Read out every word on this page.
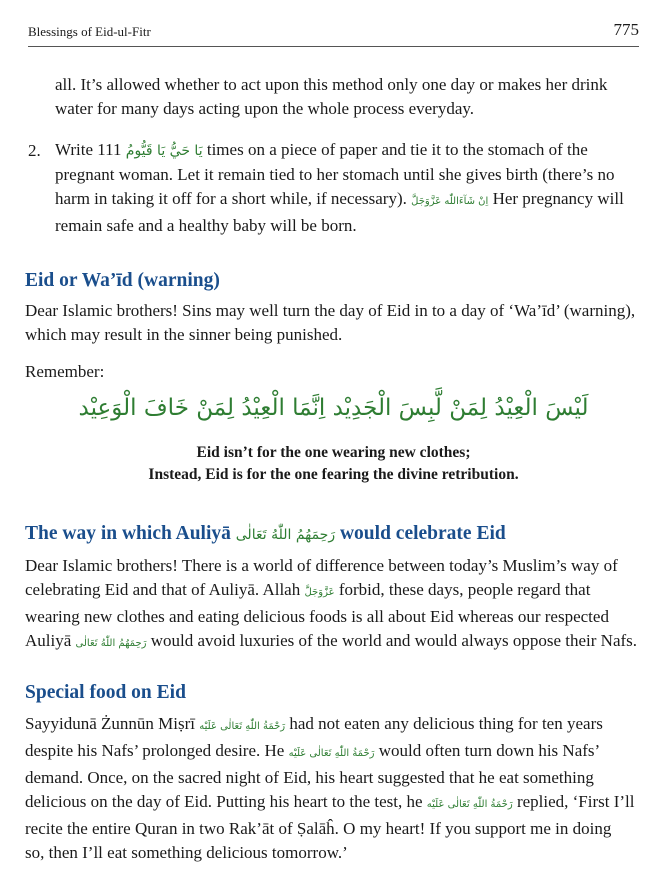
Blessings of Eid-ul-Fitr	775

all. It’s allowed whether to act upon this method only one day or makes her drink
water for many days acting upon the whole process everyday.

2. Write يَا حَيُّ يَا قَيُّومُ 111 times on a piece of paper and tie it to the stomach of the
pregnant woman. Let it remain tied to her stomach until she gives birth (there’s no
harm in taking it off for a short while, if necessary). اِنْ شَآءَاللّٰه عَزَّوَجَلَّ Her pregnancy will
remain safe and a healthy baby will be born.

Eid or Wa’īd (warning)

Dear Islamic brothers! Sins may well turn the day of Eid in to a day of ‘Wa’īd’ (warning),
which may result in the sinner being punished.

Remember:

لَيْسَ الْعِيْدُ لِمَنْ لَّبِسَ الْجَدِيْد اِنَّمَا الْعِيْدُ لِمَنْ خَافَ الْوَعِيْد
Eid isn’t for the one wearing new clothes;
Instead, Eid is for the one fearing the divine retribution.
The way in which Auliyā رَحِمَهُمُ اللّٰهُ تَعَالٰی would celebrate Eid

Dear Islamic brothers! There is a world of difference between today’s Muslim’s way of
celebrating Eid and that of Auliyā. Allah عَزَّوَجَلَّ forbid, these days, people regard that
wearing new clothes and eating delicious foods is all about Eid whereas our respected
Auliyā رَحِمَهُمُ اللّٰهُ تَعَالٰی would avoid luxuries of the world and would always oppose their Nafs.

Special food on Eid

Sayyidunā Żunnūn Miṣrī رَحْمَةُ اللّٰهِ تَعَالٰی عَلَيْه had not eaten any delicious thing for ten years
despite his Nafs’ prolonged desire. He رَحْمَةُ اللّٰهِ تَعَالٰی عَلَيْه would often turn down his Nafs’
demand. Once, on the sacred night of Eid, his heart suggested that he eat something
delicious on the day of Eid. Putting his heart to the test, he رَحْمَةُ اللّٰهِ تَعَالٰی عَلَيْه replied, ‘First I’ll
recite the entire Quran in two Rak’āt of Ṣalāĥ. O my heart! If you support me in doing
so, then I’ll eat something delicious tomorrow.’
